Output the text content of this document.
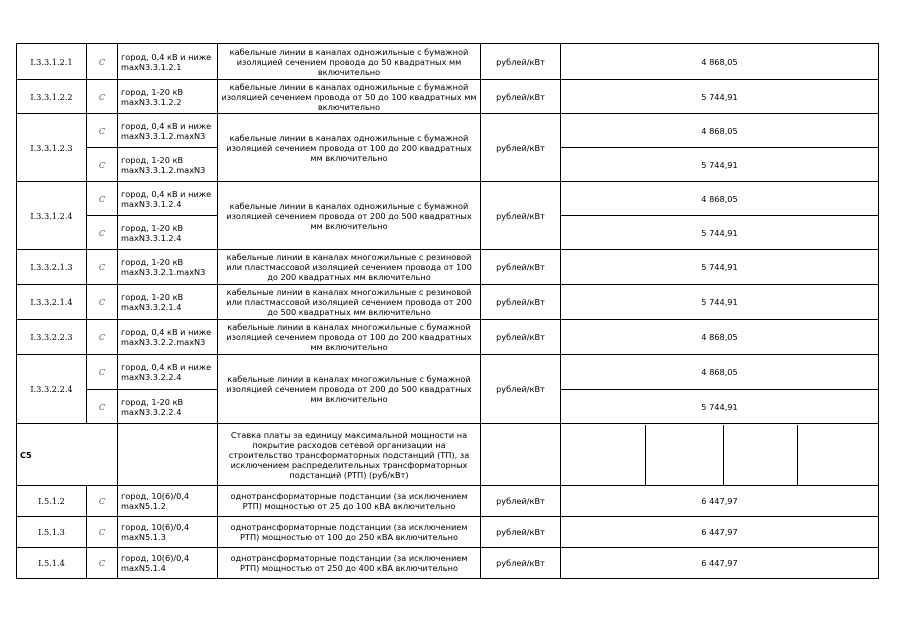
I.3.3.1.2.1	C	город, 0,4 кВ и ниже maxN3.3.1.2.1	кабельные линии в каналах одножильные с бумажной изоляцией сечением провода до 50 квадратных мм включительно	рублей/кВт	4 868,05
I.3.3.1.2.2	C	город, 1-20 кВ maxN3.3.1.2.2	кабельные линии в каналах одножильные с бумажной изоляцией сечением провода от 50 до 100 квадратных мм включительно	рублей/кВт	5 744,91
I.3.3.1.2.3	C	город, 0,4 кВ и ниже maxN3.3.1.2.maxN3	кабельные линии в каналах одножильные с бумажной изоляцией сечением провода от 100 до 200 квадратных мм включительно	рублей/кВт	4 868,05
C	город, 1-20 кВ maxN3.3.1.2.maxN3	5 744,91
I.3.3.1.2.4	C	город, 0,4 кВ и ниже maxN3.3.1.2.4	кабельные линии в каналах одножильные с бумажной изоляцией сечением провода от 200 до 500 квадратных мм включительно	рублей/кВт	4 868,05
C	город, 1-20 кВ maxN3.3.1.2.4	5 744,91
I.3.3.2.1.3	C	город, 1-20 кВ maxN3.3.2.1.maxN3	кабельные линии в каналах многожильные с резиновой или пластмассовой изоляцией сечением провода от 100 до 200 квадратных мм включительно	рублей/кВт	5 744,91
I.3.3.2.1.4	C	город, 1-20 кВ maxN3.3.2.1.4	кабельные линии в каналах многожильные с резиновой или пластмассовой изоляцией сечением провода от 200 до 500 квадратных мм включительно	рублей/кВт	5 744,91
I.3.3.2.2.3	C	город, 0,4 кВ и ниже maxN3.3.2.2.maxN3	кабельные линии в каналах многожильные с бумажной изоляцией сечением провода от 100 до 200 квадратных мм включительно	рублей/кВт	4 868,05
I.3.3.2.2.4	C	город, 0,4 кВ и ниже maxN3.3.2.2.4	кабельные линии в каналах многожильные с бумажной изоляцией сечением провода от 200 до 500 квадратных мм включительно	рублей/кВт	4 868,05
C	город, 1-20 кВ maxN3.3.2.2.4	5 744,91
C5		Ставка платы за единицу максимальной мощности на покрытие расходов сетевой организации на строительство трансформаторных подстанций (ТП), за исключением распределительных трансформаторных подстанций (РТП) (руб/кВт)		

I.5.1.2	C	город, 10(6)/0,4 maxN5.1.2	однотрансформаторные подстанции (за исключением РТП) мощностью от 25 до 100 кВА включительно	рублей/кВт	6 447,97
I.5.1.3	C	город, 10(6)/0,4 maxN5.1.3	однотрансформаторные подстанции (за исключением РТП) мощностью от 100 до 250 кВА включительно	рублей/кВт	6 447,97
I.5.1.4	C	город, 10(6)/0,4 maxN5.1.4	однотрансформаторные подстанции (за исключением РТП) мощностью от 250 до 400 кВА включительно	рублей/кВт	6 447,97
